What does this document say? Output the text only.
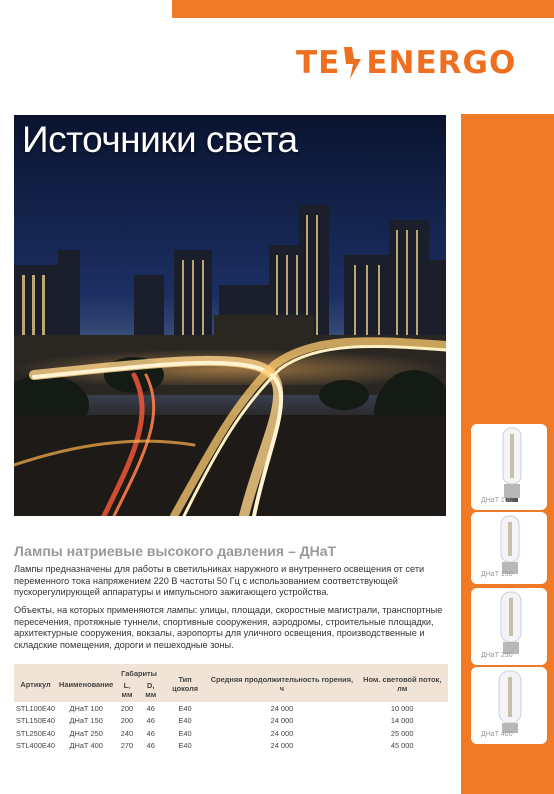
TE ENERGO
Источники света
ДНаТ 100
ДНаТ 150
ДНаТ 250
ДНаТ 400
Лампы натриевые высокого давления – ДНаТ
Лампы предназначены для работы в светильниках наружного и внутреннего освещения от сети переменного тока напряжением 220 В частоты 50 Гц с использованием соответствующей пускорегулирующей аппаратуры и импульсного зажигающего устройства.
Объекты, на которых применяются лампы: улицы, площади, скоростные магистрали, транспортные пересечения, протяжные туннели, спортивные сооружения, аэродромы, строительные площадки, архитектурные сооружения, вокзалы, аэропорты для уличного освещения, производственные и складские помещения, дороги и пешеходные зоны.
Артикул	Наименование	Габариты		Тип цоколя	Средняя продолжительность горения, ч	Ном. световой поток, лм
		L, мм	D, мм			
STL100E40	ДНаТ 100	200	46	E40	24 000	10 000
STL150E40	ДНаТ 150	200	46	E40	24 000	14 000
STL250E40	ДНаТ 250	240	46	E40	24 000	25 000
STL400E40	ДНаТ 400	270	46	E40	24 000	45 000
